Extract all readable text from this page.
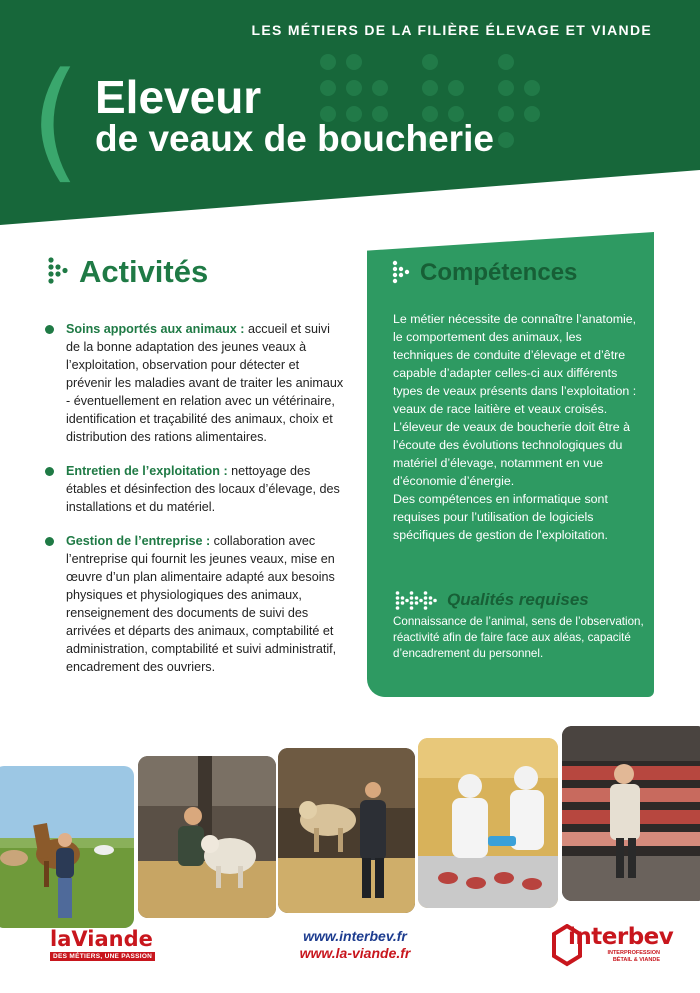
LES MÉTIERS DE LA FILIÈRE ÉLEVAGE ET VIANDE
( Eleveur
de veaux de boucherie
Activités
Soins apportés aux animaux : accueil et suivi de la bonne adaptation des jeunes veaux à l’exploitation, observation pour détecter et prévenir les maladies avant de traiter les animaux - éventuellement en relation avec un vétérinaire, identification et traçabilité des animaux, choix et distribution des rations alimentaires.
Entretien de l’exploitation : nettoyage des étables et désinfection des locaux d’élevage, des installations et du matériel.
Gestion de l’entreprise : collaboration avec l’entreprise qui fournit les jeunes veaux, mise en œuvre d’un plan alimentaire adapté aux besoins physiques et physiologiques des animaux, renseignement des documents de suivi des arrivées et départs des animaux, comptabilité et administration, comptabilité et suivi administratif, encadrement des ouvriers.
Compétences
Le métier nécessite de connaître l’anatomie, le comportement des animaux, les techniques de conduite d’élevage et d’être capable d’adapter celles-ci aux différents types de veaux présents dans l’exploitation : veaux de race laitière et veaux croisés. L’éleveur de veaux de boucherie doit être à l’écoute des évolutions technologiques du matériel d’élevage, notamment en vue d’économie d’énergie.
Des compétences en informatique sont requises pour l’utilisation de logiciels spécifiques de gestion de l’exploitation.
Qualités requises
Connaissance de l’animal, sens de l’observation, réactivité afin de faire face aux aléas, capacité d’encadrement du personnel.
laViande
DES MÉTIERS, UNE PASSION
www.interbev.fr
www.la-viande.fr
interbev
INTERPROFESSION
BÉTAIL & VIANDE
